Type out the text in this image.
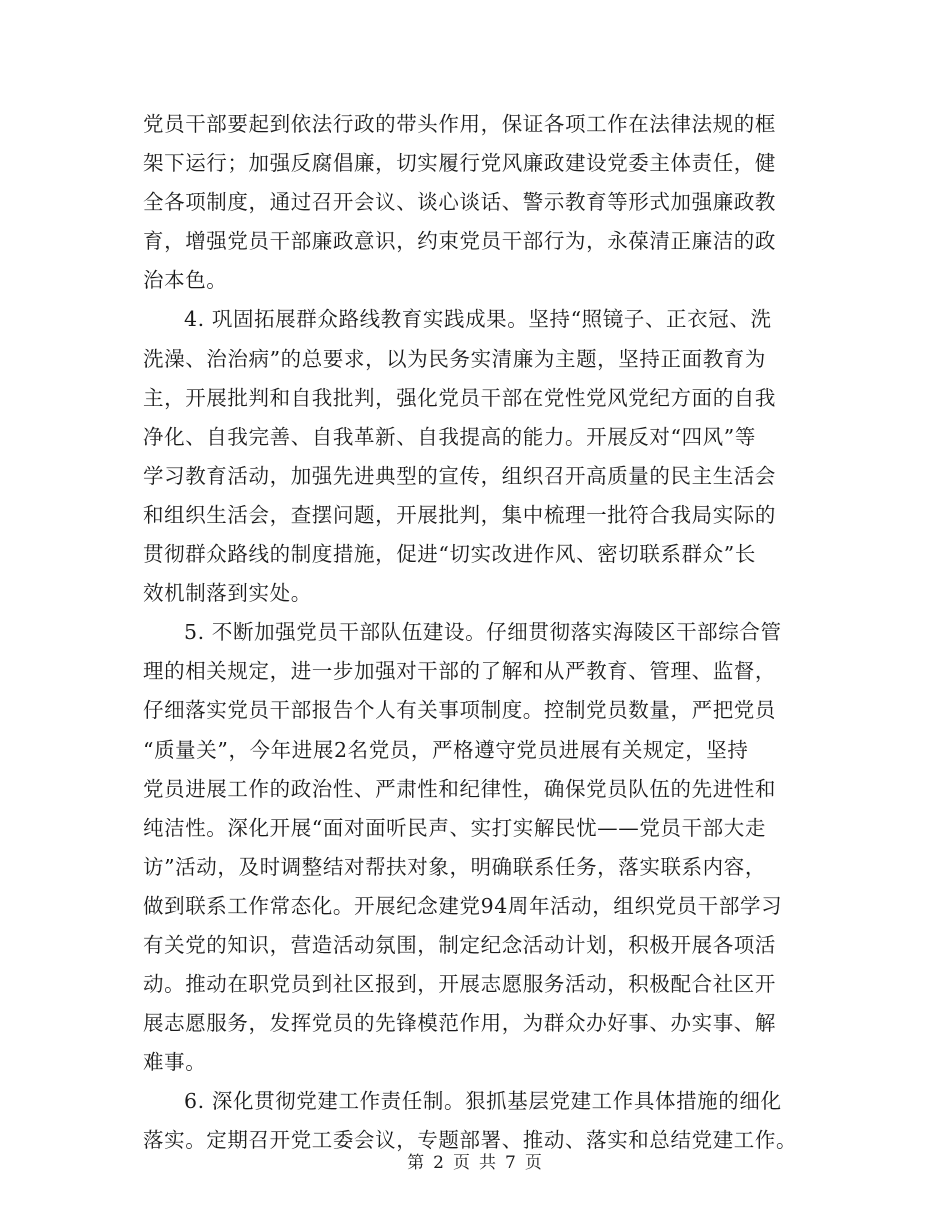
党员干部要起到依法行政的带头作用，保证各项工作在法律法规的框
架下运行；加强反腐倡廉，切实履行党风廉政建设党委主体责任，健
全各项制度，通过召开会议、谈心谈话、警示教育等形式加强廉政教
育，增强党员干部廉政意识，约束党员干部行为，永葆清正廉洁的政
治本色。

4. 巩固拓展群众路线教育实践成果。坚持“照镜子、正衣冠、洗
洗澡、治治病”的总要求，以为民务实清廉为主题，坚持正面教育为
主，开展批判和自我批判，强化党员干部在党性党风党纪方面的自我
净化、自我完善、自我革新、自我提高的能力。开展反对“四风”等
学习教育活动，加强先进典型的宣传，组织召开高质量的民主生活会
和组织生活会，查摆问题，开展批判，集中梳理一批符合我局实际的
贯彻群众路线的制度措施，促进“切实改进作风、密切联系群众”长
效机制落到实处。

5. 不断加强党员干部队伍建设。仔细贯彻落实海陵区干部综合管
理的相关规定，进一步加强对干部的了解和从严教育、管理、监督，
仔细落实党员干部报告个人有关事项制度。控制党员数量，严把党员
“质量关”，今年进展2名党员，严格遵守党员进展有关规定，坚持
党员进展工作的政治性、严肃性和纪律性，确保党员队伍的先进性和
纯洁性。深化开展“面对面听民声、实打实解民忧——党员干部大走
访”活动，及时调整结对帮扶对象，明确联系任务，落实联系内容，
做到联系工作常态化。开展纪念建党94周年活动，组织党员干部学习
有关党的知识，营造活动氛围，制定纪念活动计划，积极开展各项活
动。推动在职党员到社区报到，开展志愿服务活动，积极配合社区开
展志愿服务，发挥党员的先锋模范作用，为群众办好事、办实事、解
难事。

6. 深化贯彻党建工作责任制。狠抓基层党建工作具体措施的细化
落实。定期召开党工委会议，专题部署、推动、落实和总结党建工作。

第 2 页 共 7 页
